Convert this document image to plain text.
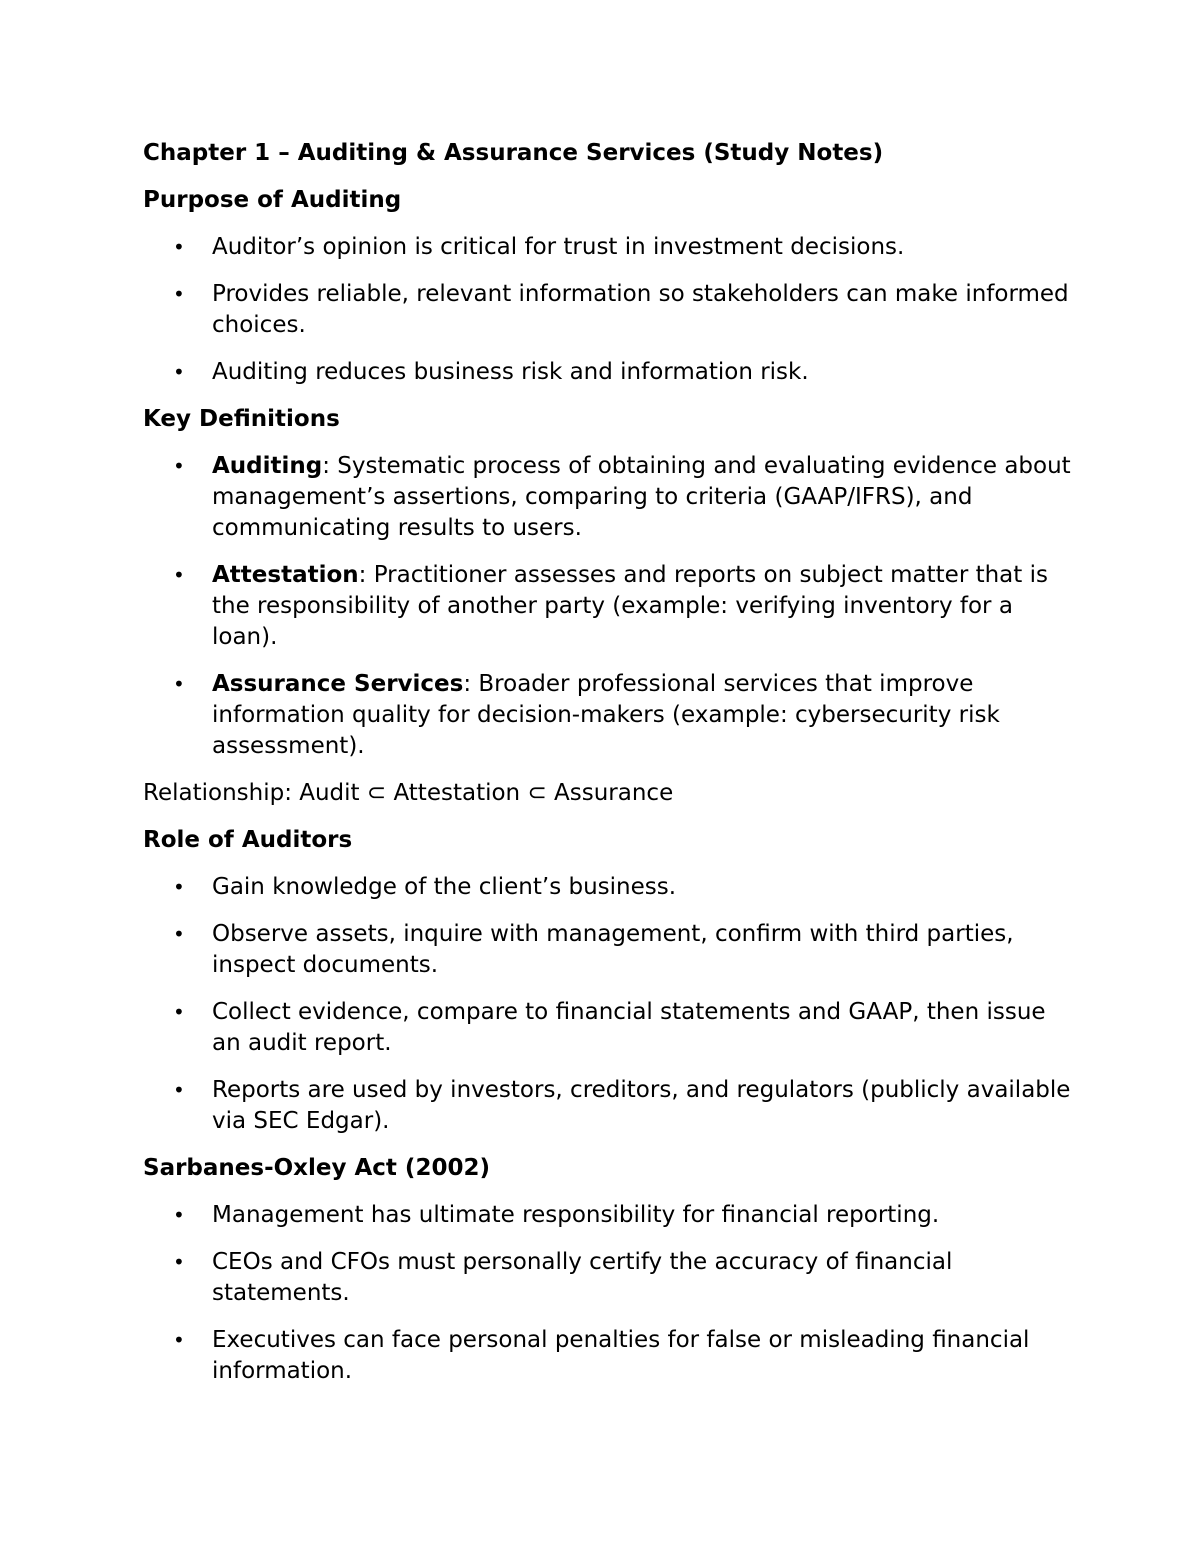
Chapter 1 – Auditing & Assurance Services (Study Notes)
Purpose of Auditing
• Auditor’s opinion is critical for trust in investment decisions.
• Provides reliable, relevant information so stakeholders can make informed choices.
• Auditing reduces business risk and information risk.
Key Definitions
• Auditing: Systematic process of obtaining and evaluating evidence about management’s assertions, comparing to criteria (GAAP/IFRS), and communicating results to users.
• Attestation: Practitioner assesses and reports on subject matter that is the responsibility of another party (example: verifying inventory for a loan).
• Assurance Services: Broader professional services that improve information quality for decision-makers (example: cybersecurity risk assessment).
Relationship: Audit ⊂ Attestation ⊂ Assurance
Role of Auditors
• Gain knowledge of the client’s business.
• Observe assets, inquire with management, confirm with third parties, inspect documents.
• Collect evidence, compare to financial statements and GAAP, then issue an audit report.
• Reports are used by investors, creditors, and regulators (publicly available via SEC Edgar).
Sarbanes-Oxley Act (2002)
• Management has ultimate responsibility for financial reporting.
• CEOs and CFOs must personally certify the accuracy of financial statements.
• Executives can face personal penalties for false or misleading financial information.
